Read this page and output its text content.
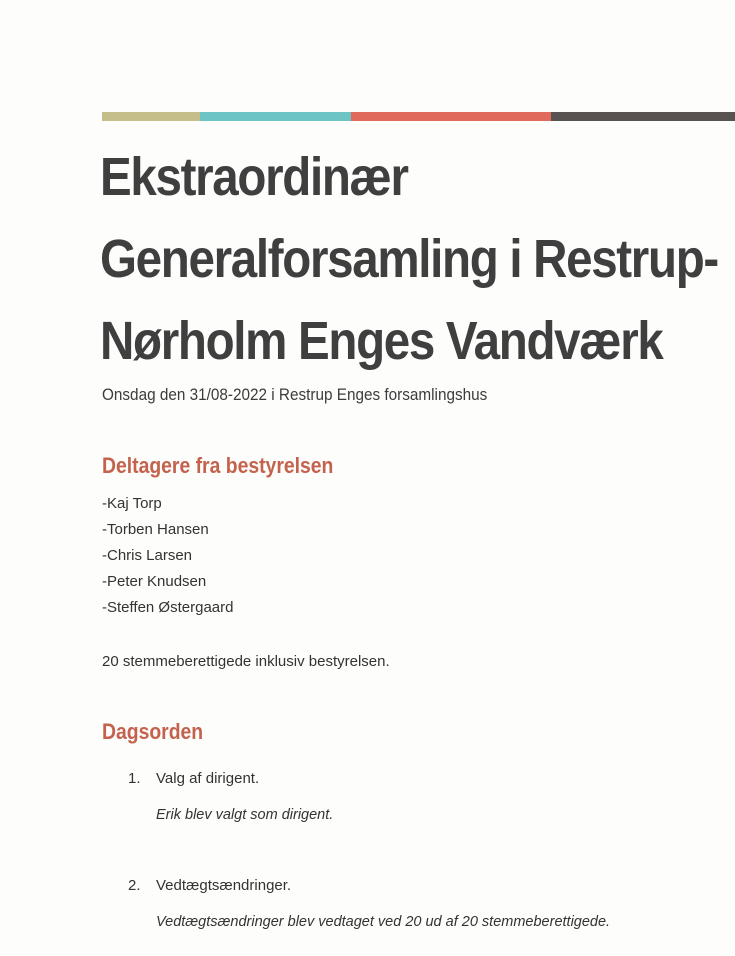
Ekstraordinær
Generalforsamling i Restrup-
Nørholm Enges Vandværk

Onsdag den 31/08-2022 i Restrup Enges forsamlingshus

Deltagere fra bestyrelsen
-Kaj Torp
-Torben Hansen
-Chris Larsen
-Peter Knudsen
-Steffen Østergaard

20 stemmeberettigede inklusiv bestyrelsen.

Dagsorden
1. Valg af dirigent.

Erik blev valgt som dirigent.

2. Vedtægtsændringer.

Vedtægtsændringer blev vedtaget ved 20 ud af 20 stemmeberettigede.
